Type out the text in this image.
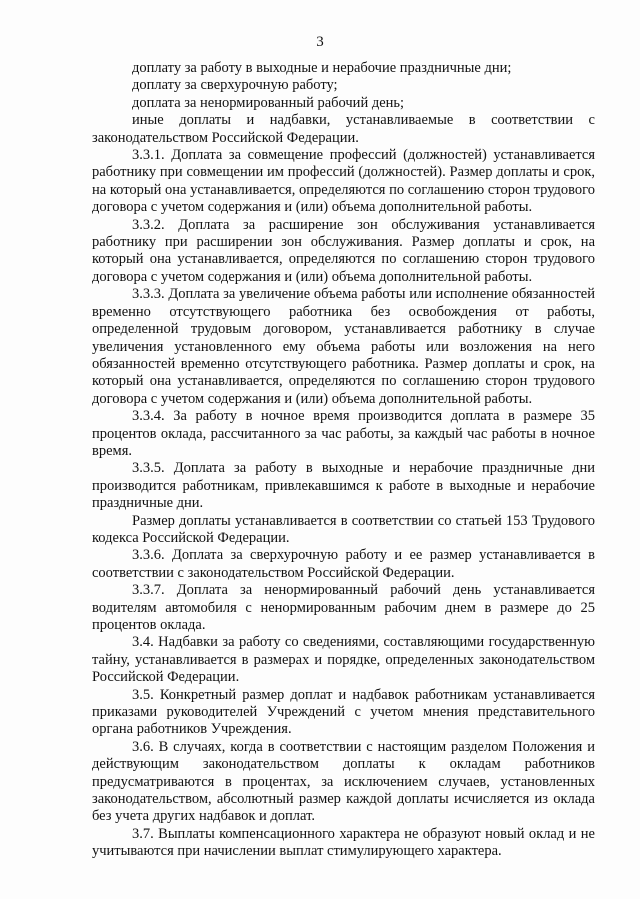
3

доплату за работу в выходные и нерабочие праздничные дни;

доплату за сверхурочную работу;

доплата за ненормированный рабочий день;

иные доплаты и надбавки, устанавливаемые в соответствии с законодательством Российской Федерации.

3.3.1. Доплата за совмещение профессий (должностей) устанавливается работнику при совмещении им профессий (должностей). Размер доплаты и срок, на который она устанавливается, определяются по соглашению сторон трудового договора с учетом содержания и (или) объема дополнительной работы.

3.3.2. Доплата за расширение зон обслуживания устанавливается работнику при расширении зон обслуживания. Размер доплаты и срок, на который она устанавливается, определяются по соглашению сторон трудового договора с учетом содержания и (или) объема дополнительной работы.

3.3.3. Доплата за увеличение объема работы или исполнение обязанностей временно отсутствующего работника без освобождения от работы, определенной трудовым договором, устанавливается работнику в случае увеличения установленного ему объема работы или возложения на него обязанностей временно отсутствующего работника. Размер доплаты и срок, на который она устанавливается, определяются по соглашению сторон трудового договора с учетом содержания и (или) объема дополнительной работы.

3.3.4. За работу в ночное время производится доплата в размере 35 процентов оклада, рассчитанного за час работы, за каждый час работы в ночное время.

3.3.5. Доплата за работу в выходные и нерабочие праздничные дни производится работникам, привлекавшимся к работе в выходные и нерабочие праздничные дни.

Размер доплаты устанавливается в соответствии со статьей 153 Трудового кодекса Российской Федерации.

3.3.6. Доплата за сверхурочную работу и ее размер устанавливается в соответствии с законодательством Российской Федерации.

3.3.7. Доплата за ненормированный рабочий день устанавливается водителям автомобиля с ненормированным рабочим днем в размере до 25 процентов оклада.

3.4. Надбавки за работу со сведениями, составляющими государственную тайну, устанавливается в размерах и порядке, определенных законодательством Российской Федерации.

3.5. Конкретный размер доплат и надбавок работникам устанавливается приказами руководителей Учреждений с учетом мнения представительного органа работников Учреждения.

3.6. В случаях, когда в соответствии с настоящим разделом Положения и действующим законодательством доплаты к окладам работников предусматриваются в процентах, за исключением случаев, установленных законодательством, абсолютный размер каждой доплаты исчисляется из оклада без учета других надбавок и доплат.

3.7. Выплаты компенсационного характера не образуют новый оклад и не учитываются при начислении выплат стимулирующего характера.
